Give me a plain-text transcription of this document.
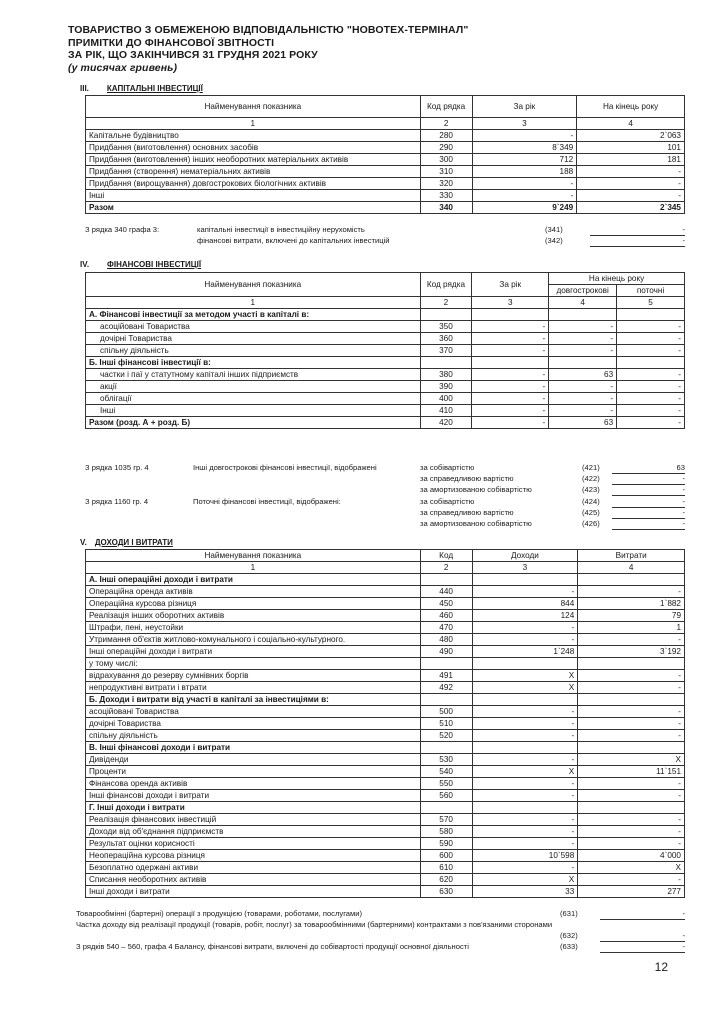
ТОВАРИСТВО З ОБМЕЖЕНОЮ ВІДПОВІДАЛЬНІСТЮ "НОВОТЕХ-ТЕРМІНАЛ"
ПРИМІТКИ ДО ФІНАНСОВОЇ ЗВІТНОСТІ
ЗА РІК, ЩО ЗАКІНЧИВСЯ 31 ГРУДНЯ 2021 РОКУ
(у тисячах гривень)
III. КАПІТАЛЬНІ ІНВЕСТИЦІЇ
Найменування показника	Код рядка	За рік	На кінець року
1	2	3	4
Капітальне будівництво	280	-	2`063
Придбання (виготовлення) основних засобів	290	8`349	101
Придбання (виготовлення) інших необоротних матеріальних активів	300	712	181
Придбання (створення) нематеріальних активів	310	188	-
Придбання (вирощування) довгострокових біологічних активів	320	-	-
Інші	330	-	-
Разом	340	9`249	2`345
З рядка 340 графа 3:	капітальні інвестиції в інвестиційну нерухомість	(341)	-
фінансові витрати, включені до капітальних інвестицій	(342)	-
IV. ФІНАНСОВІ ІНВЕСТИЦІЇ
Найменування показника	Код рядка	За рік	На кінець року	
			довгострокові	поточні
1	2	3	4	5
А. Фінансові інвестиції за методом участі в капіталі в:				
асоційовані Товариства	350	-	-	-
дочірні Товариства	360	-	-	-
спільну діяльність	370	-	-	-
Б. Інші фінансові інвестиції в:				
частки і паї у статутному капіталі інших підприємств	380	-	63	-
акції	390	-	-	-
облігації	400	-	-	-
Інші	410	-	-	-
Разом (розд. А + розд. Б)	420	-	63	-
З рядка 1035 гр. 4	Інші довгострокові фінансові інвестиції, відображені
З рядка 1160 гр. 4	Поточні фінансові інвестиції, відображені:
за собівартістю	(421)	63
за справедливою вартістю	(422)	-
за амортизованою собівартістю	(423)	-
за собівартістю	(424)	-
за справедливою вартістю	(425)	-
за амортизованою собівартістю	(426)	-
V. ДОХОДИ І ВИТРАТИ
Найменування показника	Код	Доходи	Витрати
1	2	3	4
А. Інші операційні доходи і витрати			
Операційна оренда активів	440	-	-
Операційна курсова різниця	450	844	1`882
Реалізація інших оборотних активів	460	124	79
Штрафи, пені, неустойки	470	-	1
Утримання об'єктів житлово-комунального і соціально-культурного.	480	-	-
Інші операційні доходи і витрати	490	1`248	3`192
у тому числі:			
відрахування до резерву сумнівних боргів	491	X	-
непродуктивні витрати і втрати	492	X	-
Б. Доходи і витрати від участі в капіталі за інвестиціями в:			
асоційовані Товариства	500	-	-
дочірні Товариства	510	-	-
спільну діяльність	520	-	-
В. Інші фінансові доходи і витрати			
Дивіденди	530	-	X
Проценти	540	X	11`151
Фінансова оренда активів	550	-	-
Інші фінансові доходи і витрати	560	-	-
Г. Інші доходи і витрати			
Реалізація фінансових інвестицій	570	-	-
Доходи від об'єднання підприємств	580	-	-
Результат оцінки корисності	590	-	-
Неопераційна курсова різниця	600	10`598	4`000
Безоплатно одержані активи	610	-	X
Списання необоротних активів	620	X	-
Інші доходи і витрати	630	33	277
Товарообмінні (бартерні) операції з продукцією (товарами, роботами, послугами)	(631)	-
Частка доходу від реалізації продукції (товарів, робіт, послуг) за товарообмінними (бартерними) контрактами з пов'язаними сторонами
(632)	-
З рядків 540 – 560, графа 4 Балансу, фінансові витрати, включені до собівартості продукції основної діяльності	(633)	-
12
